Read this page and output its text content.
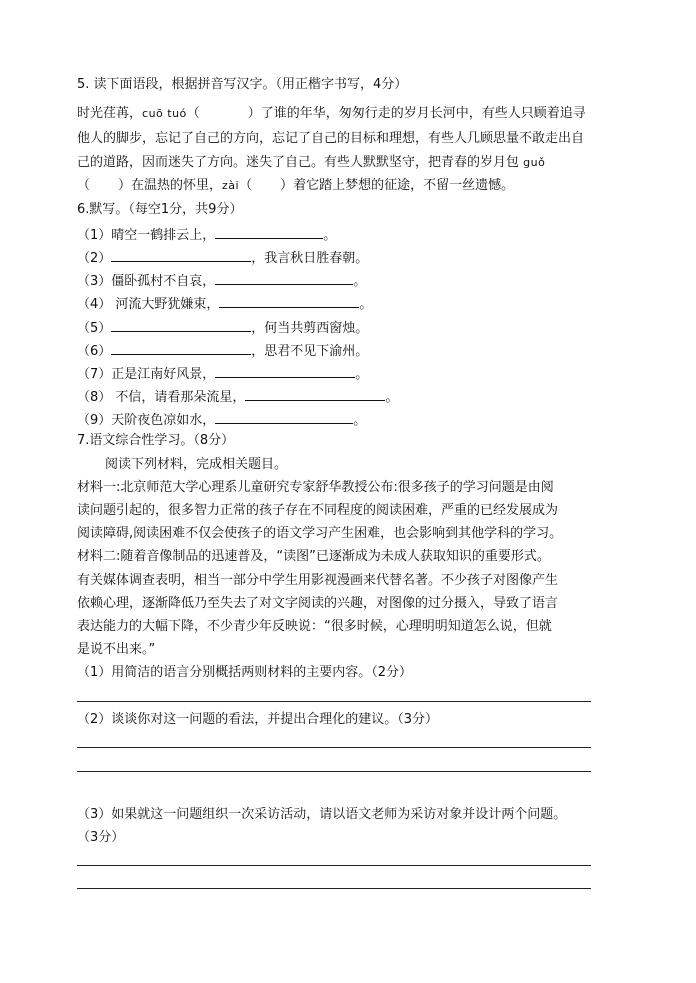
5. 读下面语段，根据拼音写汉字。（用正楷字书写，4分）
时光荏苒，cuō tuó（	）了谁的年华，匆匆行走的岁月长河中，有些人只顾着追寻
他人的脚步，忘记了自己的方向，忘记了自己的目标和理想，有些人几顾思量不敢走出自
己的道路，因而迷失了方向。迷失了自己。有些人默默坚守，把青春的岁月包 guǒ
（ ）在温热的怀里，zài（ ）着它踏上梦想的征途，不留一丝遗憾。
6.默写。（每空1分，共9分）
（1）晴空一鹤排云上，	。
（2）	，我言秋日胜春朝。
（3）僵卧孤村不自哀，	。
（4） 河流大野犹嫌束，	。
（5）	，何当共剪西窗烛。
（6）	，思君不见下渝州。
（7）正是江南好风景，	。
（8） 不信，请看那朵流星，	。
（9）天阶夜色凉如水，	。
7.语文综合性学习。（8分）
阅读下列材料，完成相关题目。
材料一:北京师范大学心理系儿童研究专家舒华教授公布:很多孩子的学习问题是由阅
读问题引起的，很多智力正常的孩子存在不同程度的阅读困难，严重的已经发展成为
阅读障碍,阅读困难不仅会使孩子的语文学习产生困难，也会影响到其他学科的学习。
材料二:随着音像制品的迅速普及，“读图”已逐渐成为未成人获取知识的重要形式。
有关媒体调查表明，相当一部分中学生用影视漫画来代替名著。不少孩子对图像产生
依赖心理，逐渐降低乃至失去了对文字阅读的兴趣，对图像的过分摄入，导致了语言
表达能力的大幅下降，不少青少年反映说：“很多时候，心理明明知道怎么说，但就
是说不出来。”
（1）用简洁的语言分别概括两则材料的主要内容。（2分）
（2）谈谈你对这一问题的看法，并提出合理化的建议。（3分）
（3）如果就这一问题组织一次采访活动，请以语文老师为采访对象并设计两个问题。
（3分）
